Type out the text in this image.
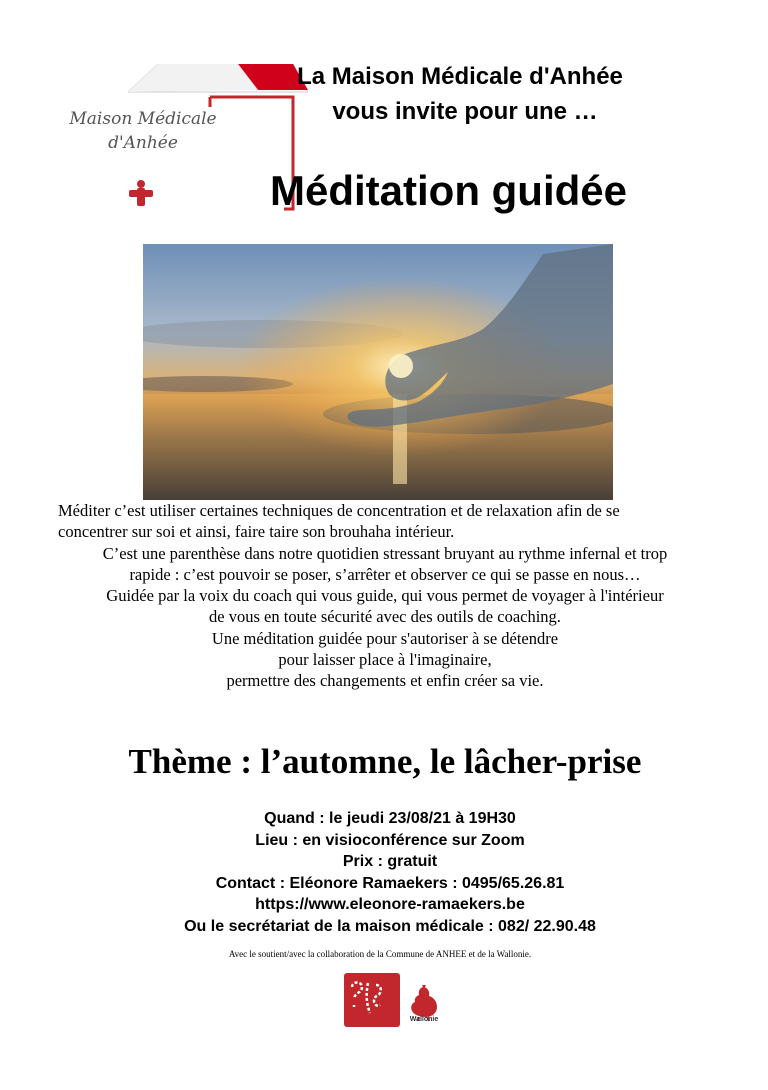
Maison Médicale
d'Anhée
La Maison Médicale d'Anhée
vous invite pour une …
Méditation guidée

Méditer c’est utiliser certaines techniques de concentration et de relaxation afin de se

concentrer sur soi et ainsi, faire taire son brouhaha intérieur.

C’est une parenthèse dans notre quotidien stressant bruyant au rythme infernal et trop

rapide : c’est pouvoir se poser, s’arrêter et observer ce qui se passe en nous…

Guidée par la voix du coach qui vous guide, qui vous permet de voyager à l'intérieur

de vous en toute sécurité avec des outils de coaching.

Une méditation guidée pour s'autoriser à se détendre

pour laisser place à l'imaginaire,

permettre des changements et enfin créer sa vie.

Thème : l’automne, le lâcher-prise

Quand : le jeudi 23/08/21 à 19H30

Lieu : en visioconférence sur Zoom

Prix : gratuit

Contact : Eléonore Ramaekers : 0495/65.26.81

https://www.eleonore-ramaekers.be

Ou le secrétariat de la maison médicale : 082/ 22.90.48

Avec le soutient/avec la collaboration de la Commune de ANHEE et de la Wallonie.
Wallonie
